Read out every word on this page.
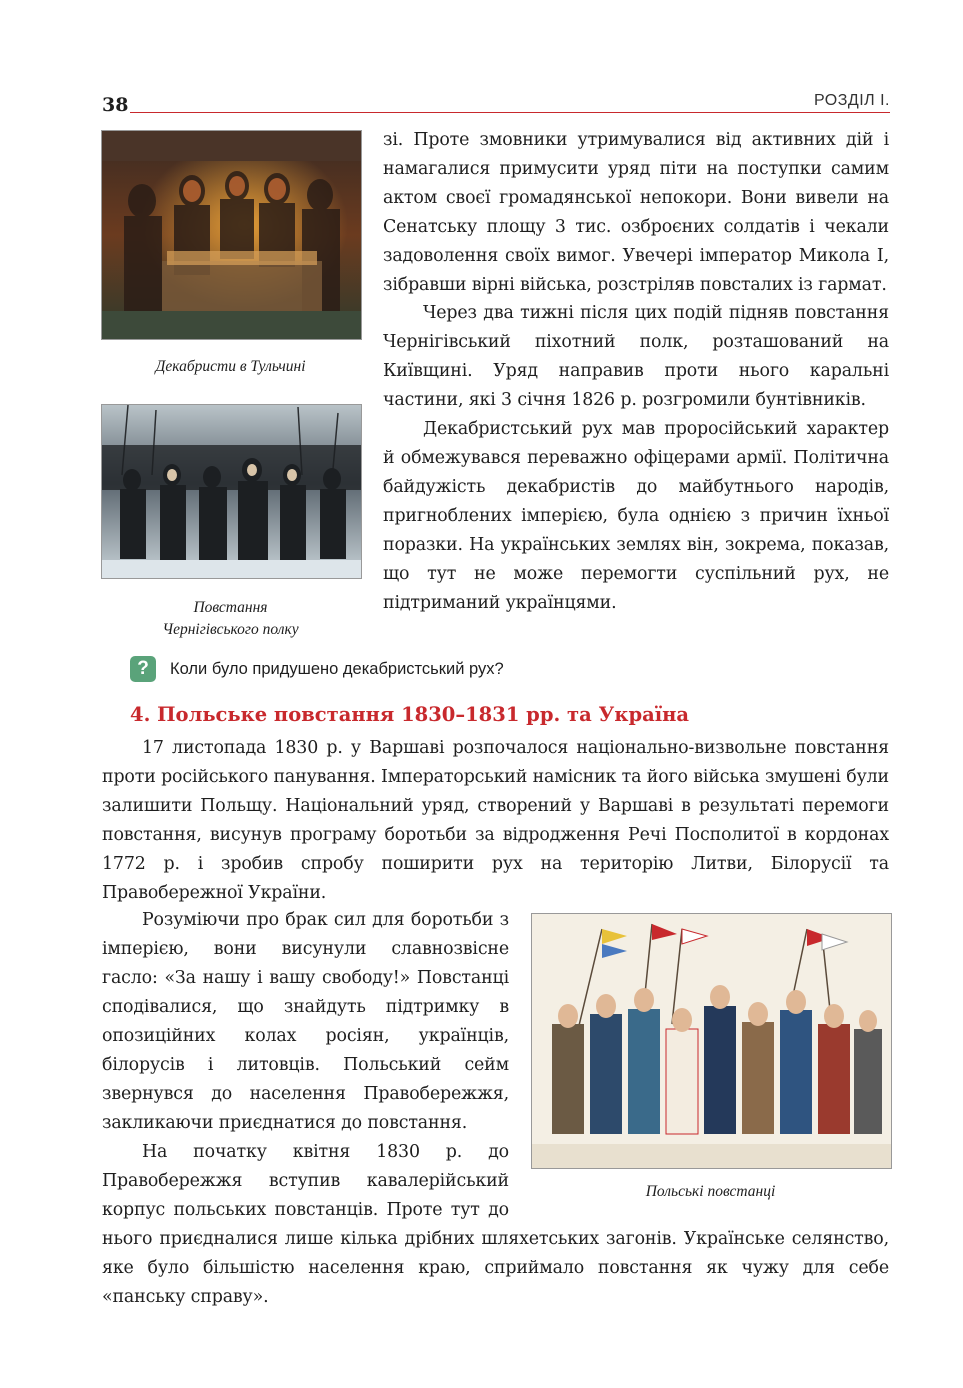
38	РОЗДІЛ І.
Декабристи в Тульчині
Повстання
Чернігівського полку

зі. Проте змовники утримувалися від активних дій і намагалися примусити уряд піти на поступки самим актом своєї громадянської непокори. Вони вивели на Сенатську площу 3 тис. озброєних солдатів і чекали задоволення своїх вимог. Увечері імператор Микола І, зібравши вірні війська, розстріляв повсталих із гармат.

Через два тижні після цих подій підняв повстання Чернігівський піхотний полк, розташований на Київщині. Уряд направив проти нього каральні частини, які 3 січня 1826 р. розгромили бунтівників.

Декабристський рух мав проросійський характер й обмежувався переважно офіцерами армії. Політична байдужість декабристів до майбутнього народів, пригноблених імперією, була однією з причин їхньої поразки. На українських землях він, зокрема, показав, що тут не може перемогти суспільний рух, не підтриманий українцями.

?	Коли було придушено декабристський рух?
4. Польське повстання 1830–1831 рр. та Україна

17 листопада 1830 р. у Варшаві розпочалося національно-визвольне повстання проти російського панування. Імператорський намісник та його війська змушені були залишити Польщу. Національний уряд, створений у Варшаві в результаті перемоги повстання, висунув програму боротьби за відродження Речі Посполитої в кордонах 1772 р. і зробив спробу поширити рух на територію Литви, Білорусії та Правобережної України.

Розуміючи про брак сил для боротьби з імперією, вони висунули славнозвісне гасло: «За нашу і вашу свободу!» Повстанці сподівалися, що знайдуть підтримку в опозиційних колах росіян, українців, білорусів і литовців. Польський сейм звернувся до населення Правобережжя, закликаючи приєднатися до повстання.

На початку квітня 1830 р. до Правобережжя вступив кавалерійський корпус польських повстанців. Проте тут до нього приєдналися лише кілька дрібних шляхетських загонів. Українське селянство, яке було більшістю населення краю, сприймало повстання як чужу для себе «панську справу».

Польські повстанці
